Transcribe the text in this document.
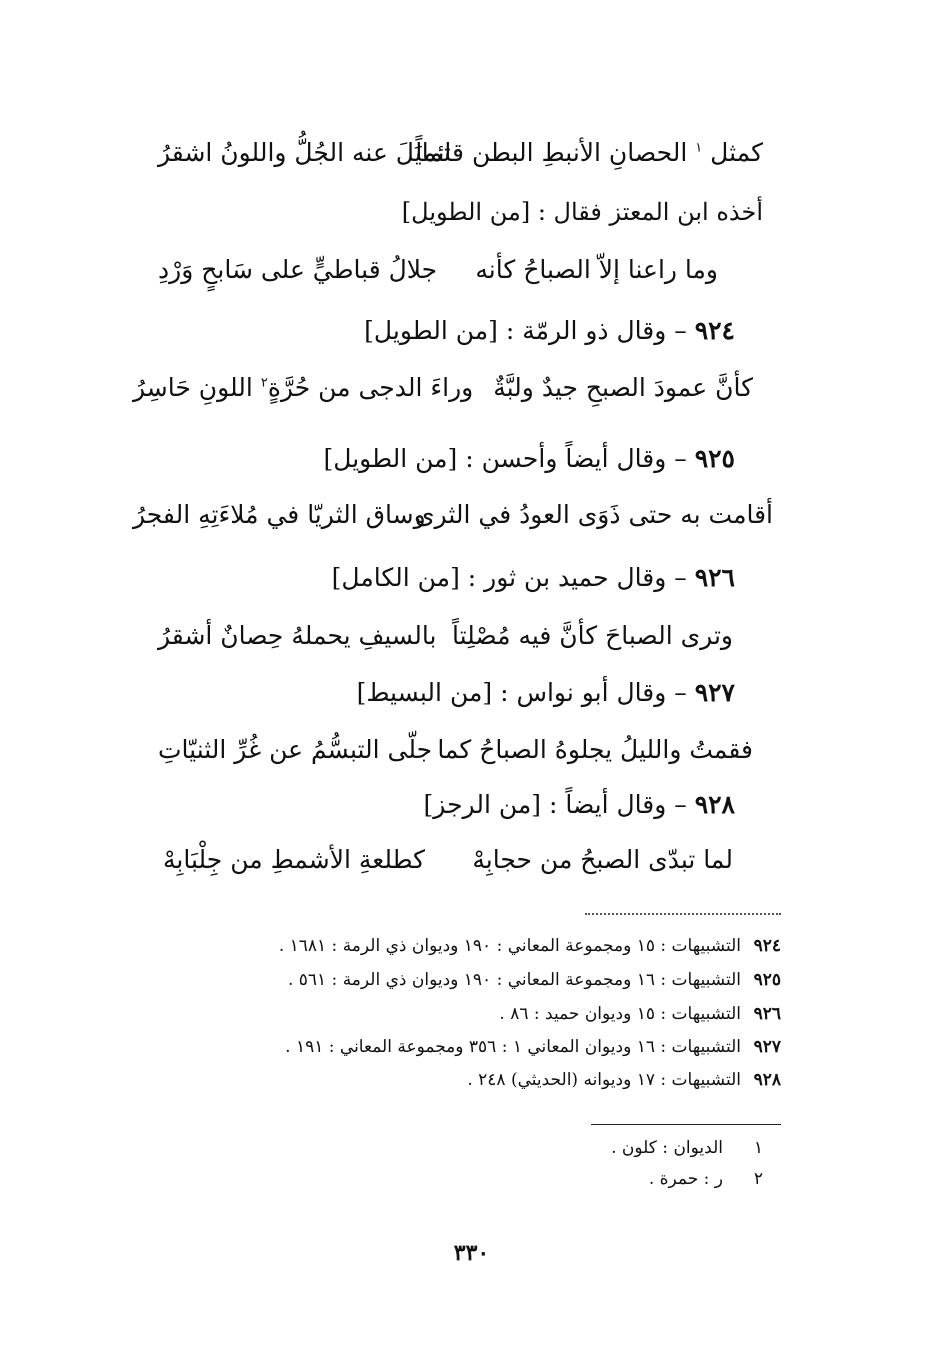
كمثل $^١$ الحصانِ الأنبطِ البطن قائماً
تمايَلَ عنه الجُلُّ واللونُ اشقرُ
أخذه ابن المعتز فقال : [من الطويل]
وما راعنا إلاّ الصباحُ كأنه
جلالُ قباطيٍّ على سَابحٍ وَرْدِ
٩٢٤ – وقال ذو الرمّة : [من الطويل]
كأنَّ عمودَ الصبحِ جيدٌ ولبَّةٌ
وراءَ الدجى من حُرَّةٍ$^٢$ اللونِ حَاسِرُ
٩٢٥ – وقال أيضاً وأحسن : [من الطويل]
أقامت به حتى ذَوَى العودُ في الثرى
وساق الثريّا في مُلاءَتِهِ الفجرُ
٩٢٦ – وقال حميد بن ثور : [من الكامل]
وترى الصباحَ كأنَّ فيه مُصْلِتاً
بالسيفِ يحملهُ حِصانٌ أشقرُ
٩٢٧ – وقال أبو نواس : [من البسيط]
فقمتُ والليلُ يجلوهُ الصباحُ كما
جلّى التبسُّمُ عن غُرِّ الثنيّاتِ
٩٢٨ – وقال أيضاً : [من الرجز]
لما تبدّى الصبحُ من حجابِهْ
كطلعةِ الأشمطِ من جِلْبَابِهْ
٩٢٤التشبيهات : ١٥ ومجموعة المعاني : ١٩٠ وديوان ذي الرمة : ١٦٨١ .
٩٢٥التشبيهات : ١٦ ومجموعة المعاني : ١٩٠ وديوان ذي الرمة : ٥٦١ .
٩٢٦التشبيهات : ١٥ وديوان حميد : ٨٦ .
٩٢٧التشبيهات : ١٦ وديوان المعاني ١ : ٣٥٦ ومجموعة المعاني : ١٩١ .
٩٢٨التشبيهات : ١٧ وديوانه (الحديثي) ٢٤٨ .
١الديوان : كلون .
٢ر : حمرة .
٣٣٠
